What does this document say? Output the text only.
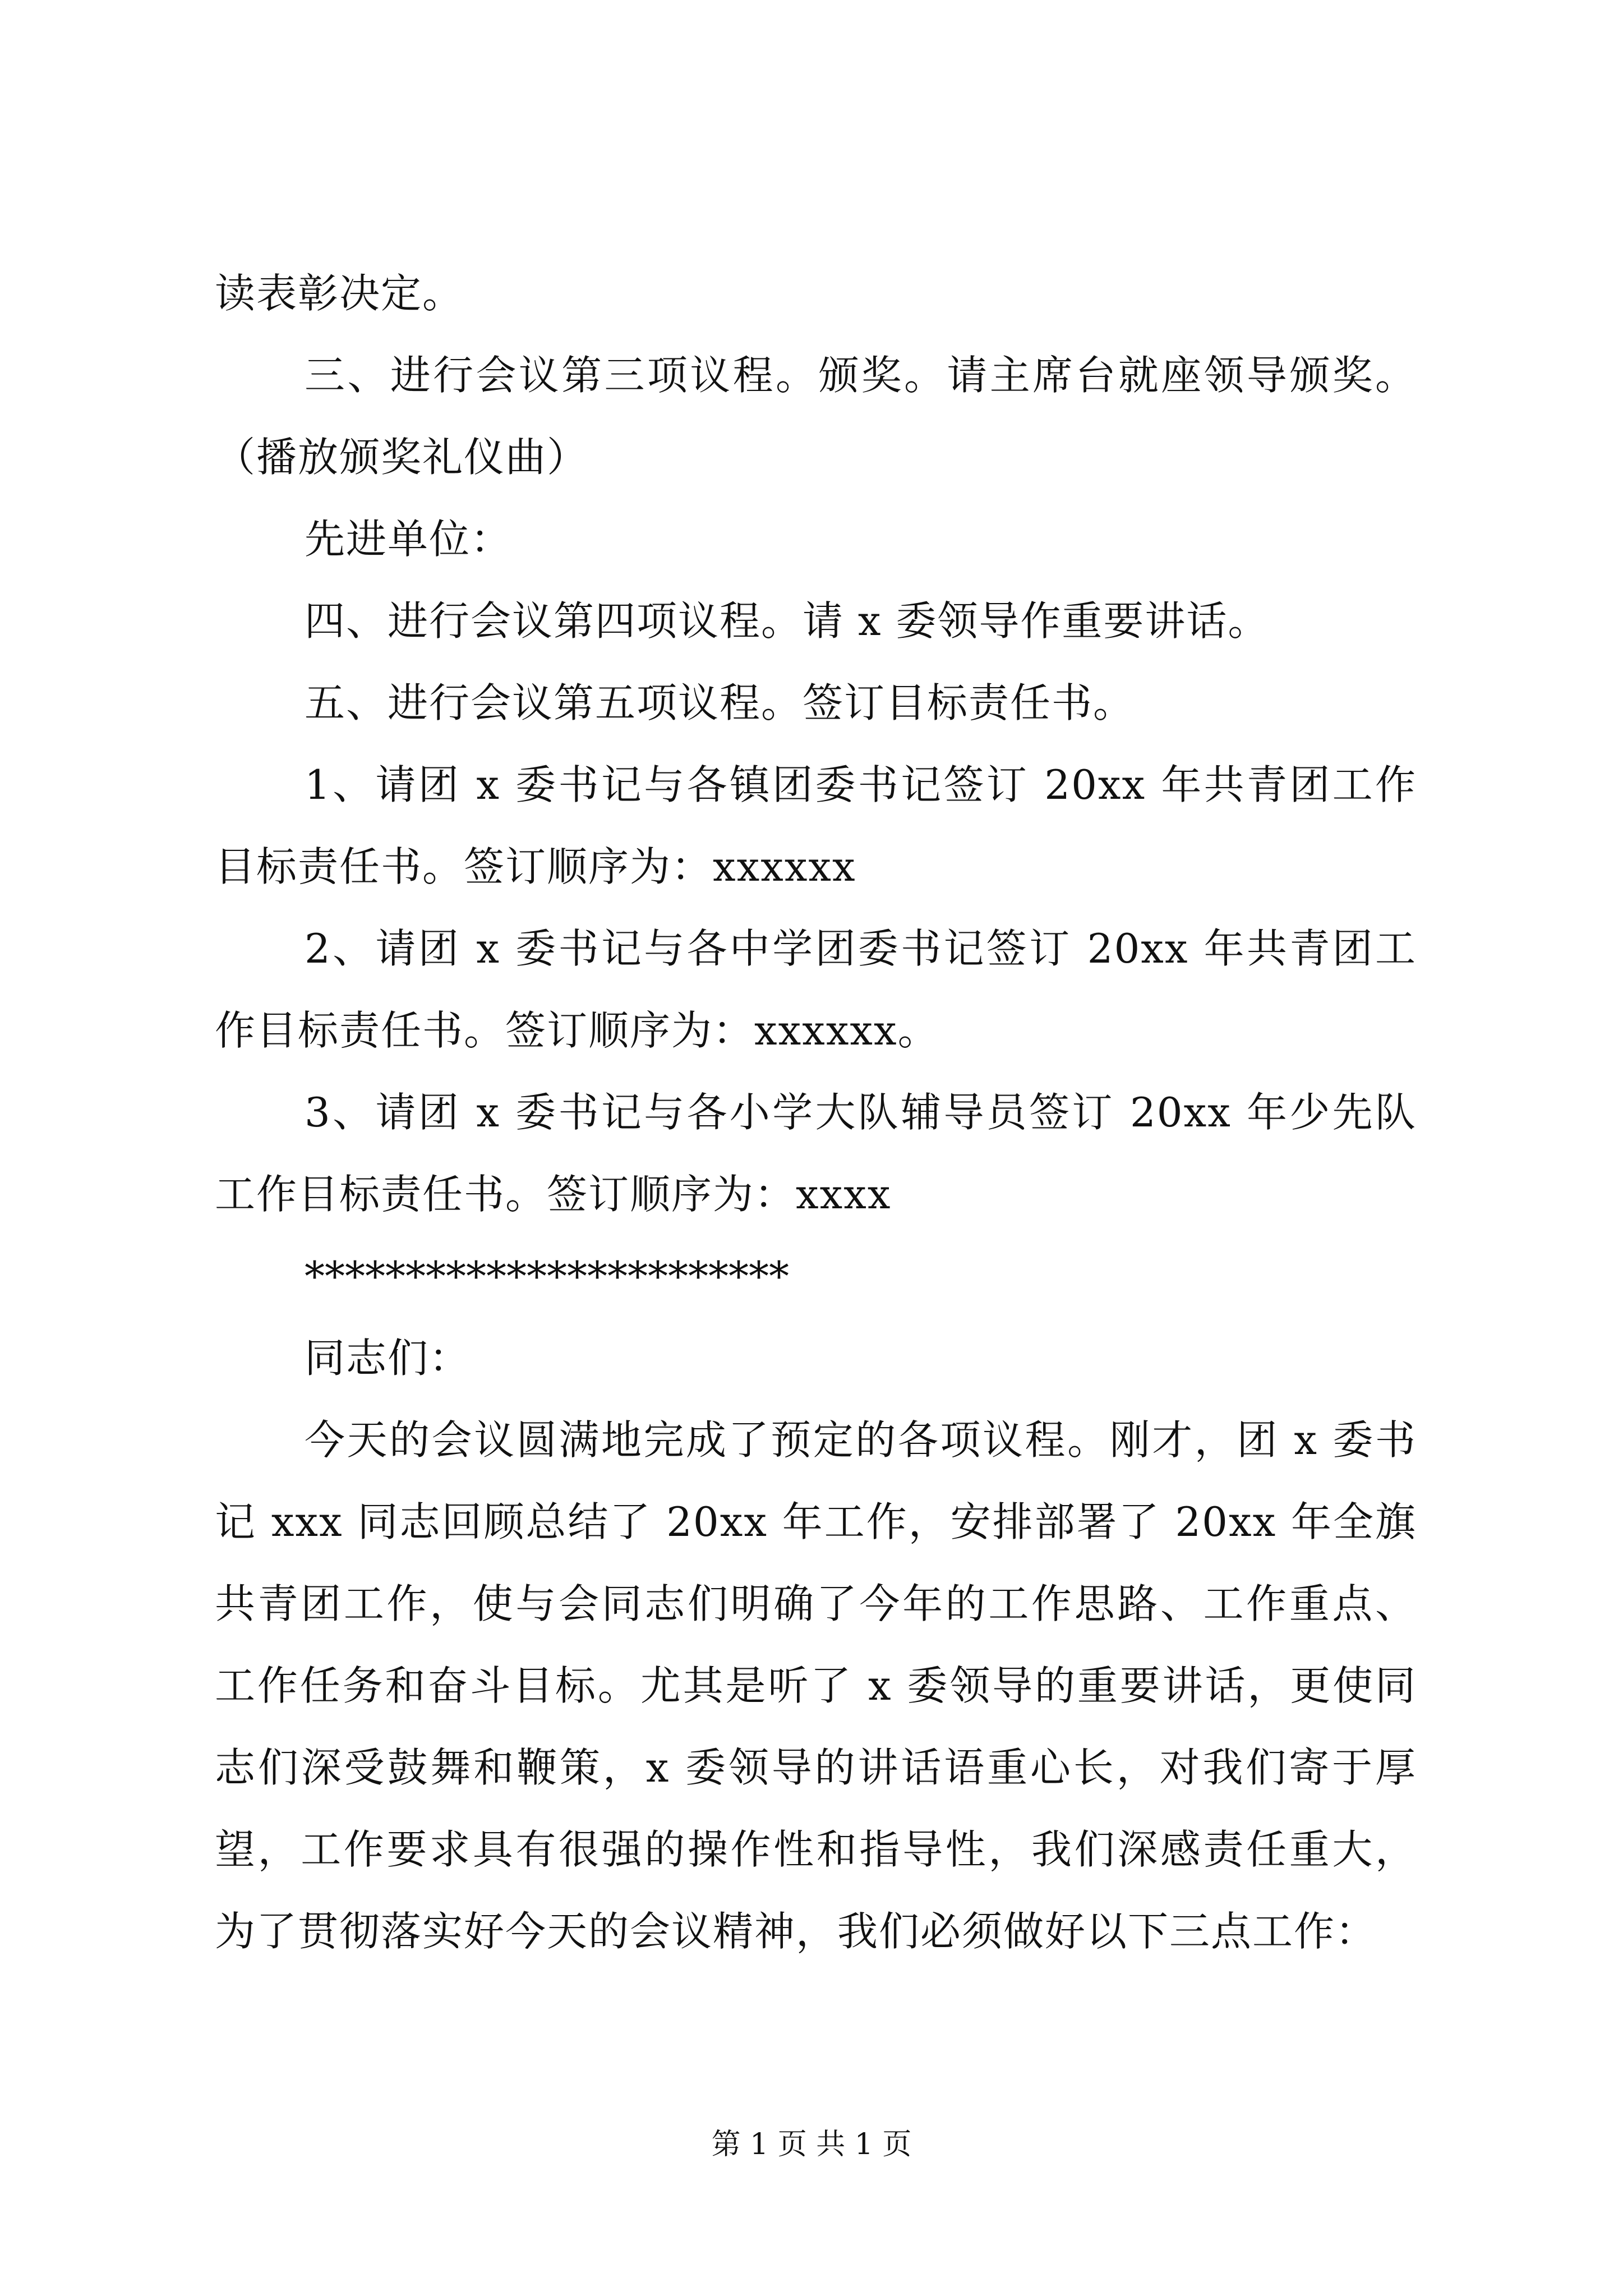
读表彰决定。

三、进行会议第三项议程。颁奖。请主席台就座领导颁奖。（播放颁奖礼仪曲）

先进单位：

四、进行会议第四项议程。请 x 委领导作重要讲话。

五、进行会议第五项议程。签订目标责任书。

1、请团 x 委书记与各镇团委书记签订 20xx 年共青团工作目标责任书。签订顺序为：xxxxxx

2、请团 x 委书记与各中学团委书记签订 20xx 年共青团工作目标责任书。签订顺序为：xxxxxx。

3、请团 x 委书记与各小学大队辅导员签订 20xx 年少先队工作目标责任书。签订顺序为：xxxx

************************

同志们：

今天的会议圆满地完成了预定的各项议程。刚才，团 x 委书记 xxx 同志回顾总结了 20xx 年工作，安排部署了 20xx 年全旗共青团工作，使与会同志们明确了今年的工作思路、工作重点、工作任务和奋斗目标。尤其是听了 x 委领导的重要讲话，更使同志们深受鼓舞和鞭策，x 委领导的讲话语重心长，对我们寄于厚望，工作要求具有很强的操作性和指导性，我们深感责任重大，为了贯彻落实好今天的会议精神，我们必须做好以下三点工作：

第 1 页 共 1 页
